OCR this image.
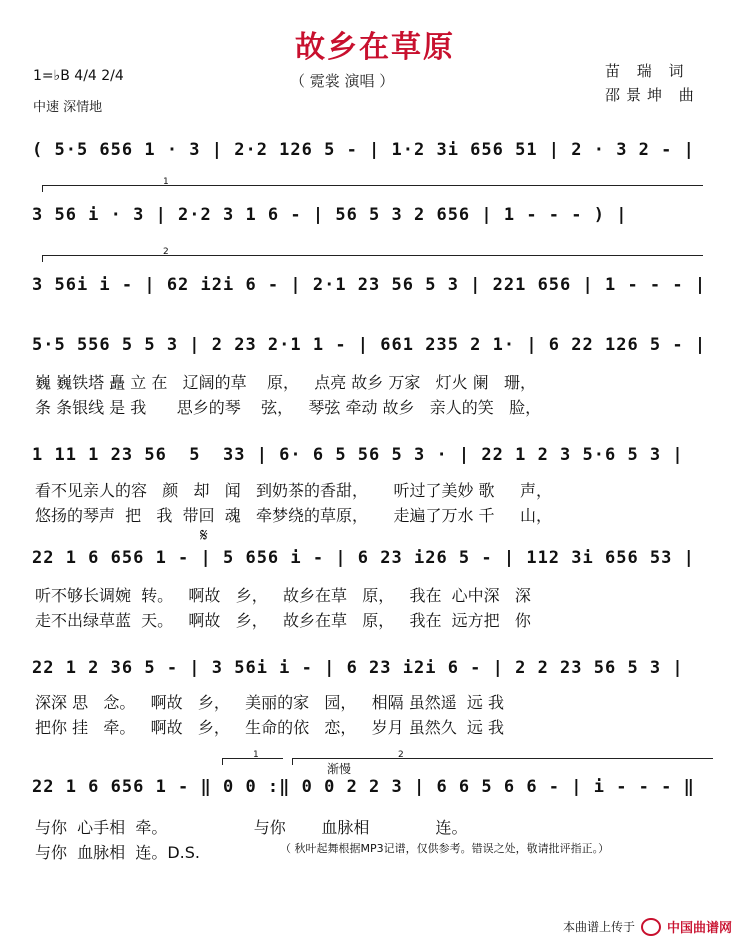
故乡在草原
（ 霓裳 演唱 ）
苗 瑞 词
邵景坤 曲
1=♭B 4/4 2/4
中速 深情地
( 5·5 656 1 · 3 | 2·2 126 5 - | 1·2 3i 656 51 | 2 · 3 2 - |
1
3 56 i · 3 | 2·2 3 1 6 - | 56 5 3 2 656 | 1 - - - ) |
2
3 56i i - | 62 i2i 6 - | 2·1 23 56 5 3 | 221 656 | 1 - - - |
5·5 556 5 5 3 | 2 23 2·1 1 - | 661 235 2 1· | 6 22 126 5 - |
巍 巍铁塔 矗 立 在   辽阔的草    原，   点亮 故乡 万家   灯火 阑   珊，
条 条银线 是 我      思乡的琴    弦，   琴弦 牵动 故乡   亲人的笑   脸，
1 11 1 23 56  5  33 | 6· 6 5 56 5 3 · | 22 1 2 3 5·6 5 3 |
看不见亲人的容   颜   却   闻   到奶茶的香甜，     听过了美妙 歌     声，
悠扬的琴声  把   我  带回  魂   牵梦绕的草原，     走遍了万水 千     山，
𝄋
22 1 6 656 1 - | 5 656 i - | 6 23 i26 5 - | 112 3i 656 53 |
听不够长调婉  转。   啊故   乡，   故乡在草   原，   我在  心中深   深
走不出绿草蓝  天。   啊故   乡，   故乡在草   原，   我在  远方把   你
22 1 2 36 5 - | 3 56i i - | 6 23 i2i 6 - | 2 2 23 56 5 3 |
深深 思   念。   啊故   乡，   美丽的家   园，   相隔 虽然遥  远 我
把你 挂   牵。   啊故   乡，   生命的依   恋，   岁月 虽然久  远 我
1	2
渐慢
22 1 6 656 1 - ‖ 0 0 :‖ 0 0 2 2 3 | 6 6 5 6 6 - | i - - - ‖
与你  心手相  牵。                 与你       血脉相             连。
与你  血脉相  连。D.S.	（ 秋叶起舞根据MP3记谱，仅供参考。错误之处，敬请批评指正。）
本曲谱上传于 中国曲谱网
